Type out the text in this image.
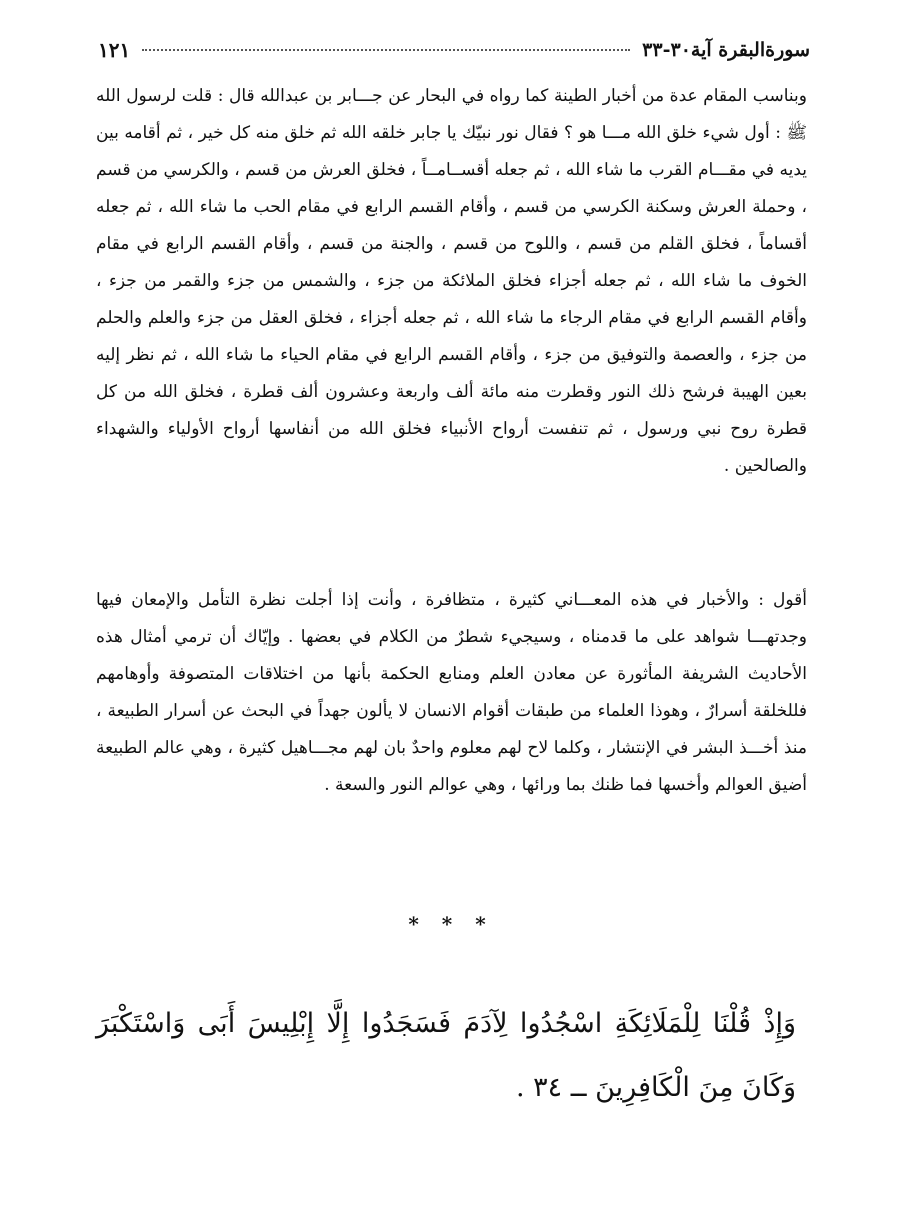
سورةالبقرة آية٣٠-٣٣
١٢١

وبناسب المقام عدة من أخبار الطينة كما رواه في البحار عن جـــابر بن عبدالله قال : قلت لرسول الله ﷺ : أول شيء خلق الله مـــا هو ؟ فقال نور نبيّك يا جابر خلقه الله ثم خلق منه كل خير ، ثم أقامه بين يديه في مقـــام القرب ما شاء الله ، ثم جعله أقســامــاً ، فخلق العرش من قسم ، والكرسي من قسم ، وحملة العرش وسكنة الكرسي من قسم ، وأقام القسم الرابع في مقام الحب ما شاء الله ، ثم جعله أقساماً ، فخلق القلم من قسم ، واللوح من قسم ، والجنة من قسم ، وأقام القسم الرابع في مقام الخوف ما شاء الله ، ثم جعله أجزاء فخلق الملائكة من جزء ، والشمس من جزء والقمر من جزء ، وأقام القسم الرابع في مقام الرجاء ما شاء الله ، ثم جعله أجزاء ، فخلق العقل من جزء والعلم والحلم من جزء ، والعصمة والتوفيق من جزء ، وأقام القسم الرابع في مقام الحياء ما شاء الله ، ثم نظر إليه بعين الهيبة فرشح ذلك النور وقطرت منه مائة ألف واربعة وعشرون ألف قطرة ، فخلق الله من كل قطرة روح نبي ورسول ، ثم تنفست أرواح الأنبياء فخلق الله من أنفاسها أرواح الأولياء والشهداء والصالحين .

أقول : والأخبار في هذه المعـــاني كثيرة ، متظافرة ، وأنت إذا أجلت نظرة التأمل والإمعان فيها وجدتهـــا شواهد على ما قدمناه ، وسيجيء شطرٌ من الكلام في بعضها . وإيّاك أن ترمي أمثال هذه الأحاديث الشريفة المأثورة عن معادن العلم ومنابع الحكمة بأنها من اختلاقات المتصوفة وأوهامهم فللخلقة أسرارٌ ، وهوذا العلماء من طبقات أقوام الانسان لا يألون جهداً في البحث عن أسرار الطبيعة ، منذ أخـــذ البشر في الإنتشار ، وكلما لاح لهم معلوم واحدٌ بان لهم مجـــاهيل كثيرة ، وهي عالم الطبيعة أضيق العوالم وأخسها فما ظنك بما ورائها ، وهي عوالم النور والسعة .

* * *

وَإِذْ قُلْنَا لِلْمَلَائِكَةِ اسْجُدُوا لِآدَمَ فَسَجَدُوا إِلَّا إِبْلِيسَ أَبَى وَاسْتَكْبَرَ وَكَانَ مِنَ الْكَافِرِينَ ــ ٣٤ .
